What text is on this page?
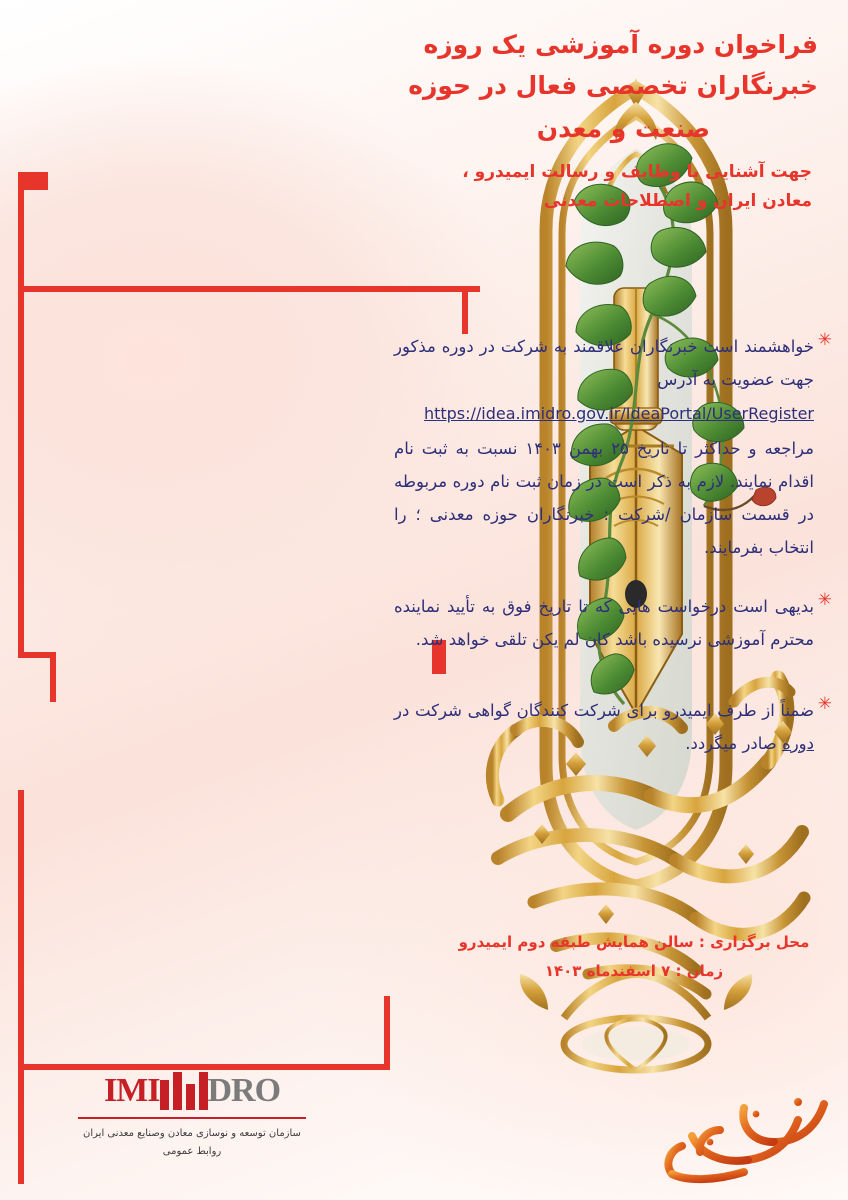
فراخوان دوره آموزشی یک روزه
خبرنگاران تخصصی فعال در حوزه
صنعت و معدن
جهت آشنایی با وظایف و رسالت ایمیدرو ،
معادن ایران و اصطلاحات معدنی
✳
خواهشمند است خبرنگاران علاقمند به شرکت در دوره مذکور جهت عضویت به آدرس
https://idea.imidro.gov.ir/IdeaPortal/UserRegister
مراجعه و حداکثر تا تاریخ ۲۵ بهمن ۱۴۰۳ نسبت به ثبت نام اقدام نمایند. لازم به ذکر است در زمان ثبت نام دوره مربوطه در قسمت سازمان /شرکت : خبرنگاران حوزه معدنی ؛ را انتخاب بفرمایند.
✳
بدیهی است درخواست هایی که تا تاریخ فوق به تأیید نماینده محترم آموزشی نرسیده باشد کان لم یکن تلقی خواهد شد.
✳
ضمناً از طرف ایمیدرو برای شرکت کنندگان گواهی شرکت در دوره صادر میگردد.
محل برگزاری : سالن همایش طبقه دوم ایمیدرو
زمان : ۷ اسفندماه ۱۴۰۳
IMI DRO
سازمان توسعه و نوسازی معادن وصنایع معدنی ایران
روابط عمومی
